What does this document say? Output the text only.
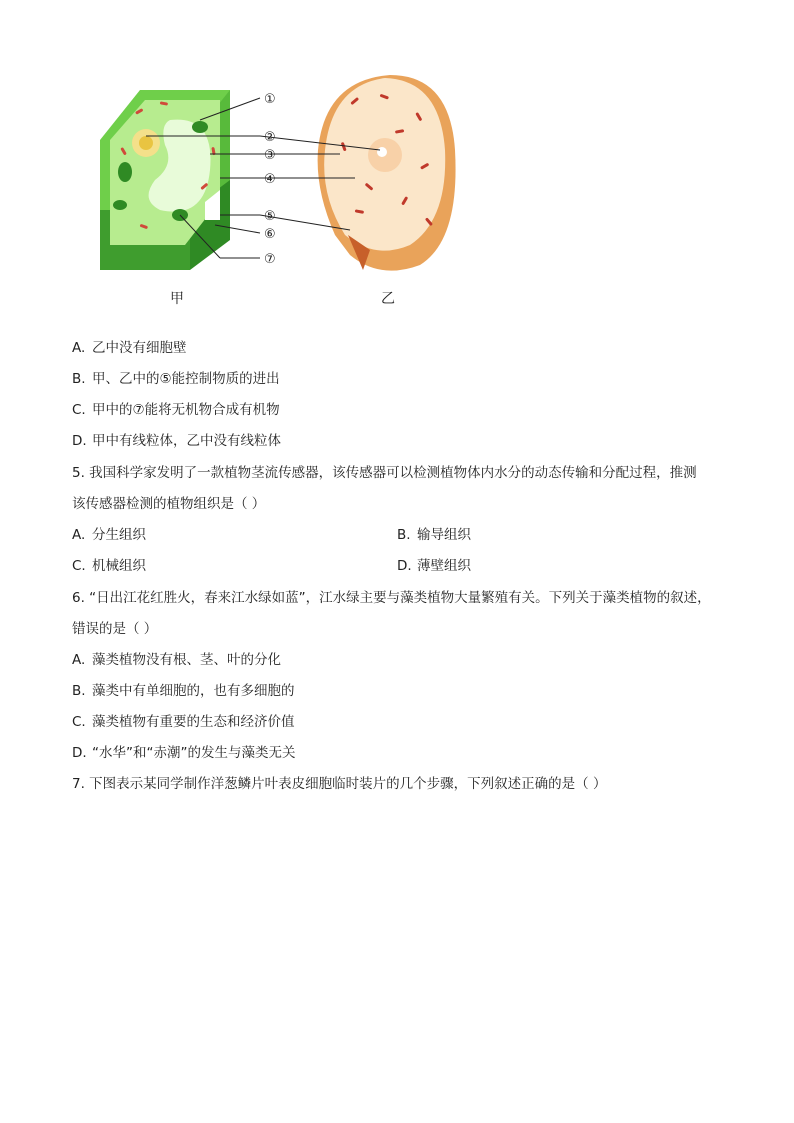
①
②
③
④
⑤
⑥
⑦
甲	乙
A. 乙中没有细胞壁
B. 甲、乙中的⑤能控制物质的进出
C. 甲中的⑦能将无机物合成有机物
D. 甲中有线粒体，乙中没有线粒体
5. 我国科学家发明了一款植物茎流传感器，该传感器可以检测植物体内水分的动态传输和分配过程，推测
该传感器检测的植物组织是（ ）
A. 分生组织	B. 输导组织
C. 机械组织	D. 薄壁组织
6. “日出江花红胜火，春来江水绿如蓝”，江水绿主要与藻类植物大量繁殖有关。下列关于藻类植物的叙述，
错误的是（ ）
A. 藻类植物没有根、茎、叶的分化
B. 藻类中有单细胞的，也有多细胞的
C. 藻类植物有重要的生态和经济价值
D. “水华”和“赤潮”的发生与藻类无关
7. 下图表示某同学制作洋葱鳞片叶表皮细胞临时装片的几个步骤，下列叙述正确的是（ ）
